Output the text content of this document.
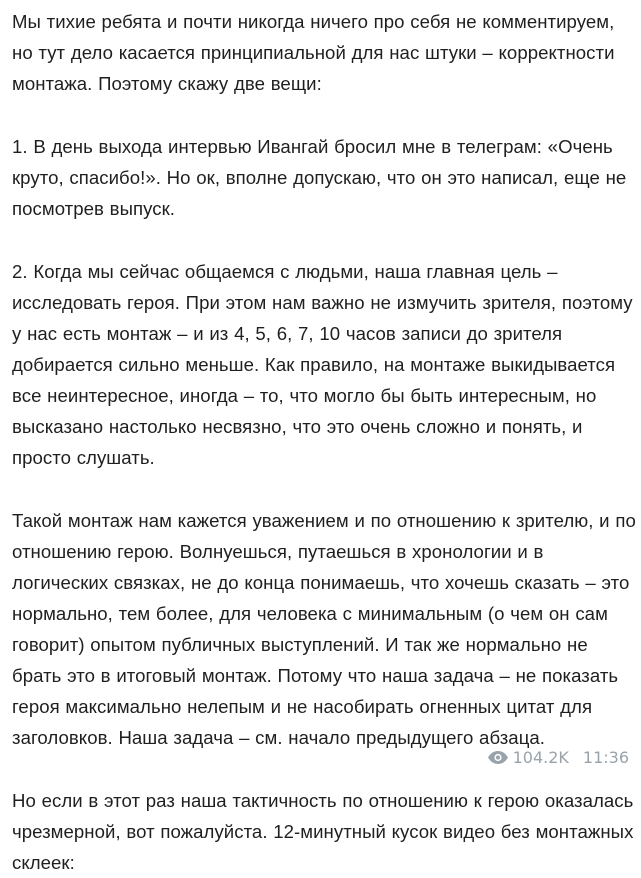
Мы тихие ребята и почти никогда ничего про себя не комментируем, но тут дело касается принципиальной для нас штуки – корректности монтажа. Поэтому скажу две вещи:

1. В день выхода интервью Ивангай бросил мне в телеграм: «Очень круто, спасибо!». Но ок, вполне допускаю, что он это написал, еще не посмотрев выпуск.

2. Когда мы сейчас общаемся с людьми, наша главная цель – исследовать героя. При этом нам важно не измучить зрителя, поэтому у нас есть монтаж – и из 4, 5, 6, 7, 10 часов записи до зрителя добирается сильно меньше. Как правило, на монтаже выкидывается все неинтересное, иногда – то, что могло бы быть интересным, но высказано настолько несвязно, что это очень сложно и понять, и просто слушать.

Такой монтаж нам кажется уважением и по отношению к зрителю, и по отношению герою. Волнуешься, путаешься в хронологии и в логических связках, не до конца понимаешь, что хочешь сказать – это нормально, тем более, для человека с минимальным (о чем он сам говорит) опытом публичных выступлений. И так же нормально не брать это в итоговый монтаж. Потому что наша задача – не показать героя максимально нелепым и не насобирать огненных цитат для заголовков. Наша задача – см. начало предыдущего абзаца.

Но если в этот раз наша тактичность по отношению к герою оказалась чрезмерной, вот пожалуйста. 12-минутный кусок видео без монтажных склеек:

104.2K 11:36
